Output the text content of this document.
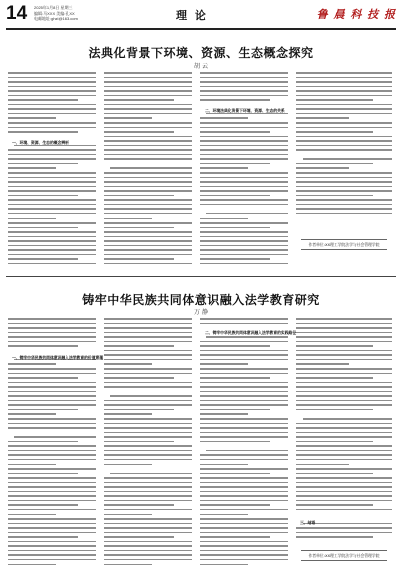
14 2025年1月8日 星期三
编辑:马XXX 美编:孔XX
电邮地址:ghzl@163.com	理 论	鲁 晨 科 技 报
法典化背景下环境、资源、生态概念探究
胡 云
一、环境、资源、生态的概念辨析
二、环境法典化背景下环境、资源、生态的关系
作者单位:XX理工学院法学与社会管理学院
铸牢中华民族共同体意识融入法学教育研究
万 静
一、铸牢中华民族共同体意识融入法学教育的价值意蕴
二、铸牢中华民族共同体意识融入法学教育的实践路径
三、结语
作者单位:XX理工学院法学与社会管理学院
